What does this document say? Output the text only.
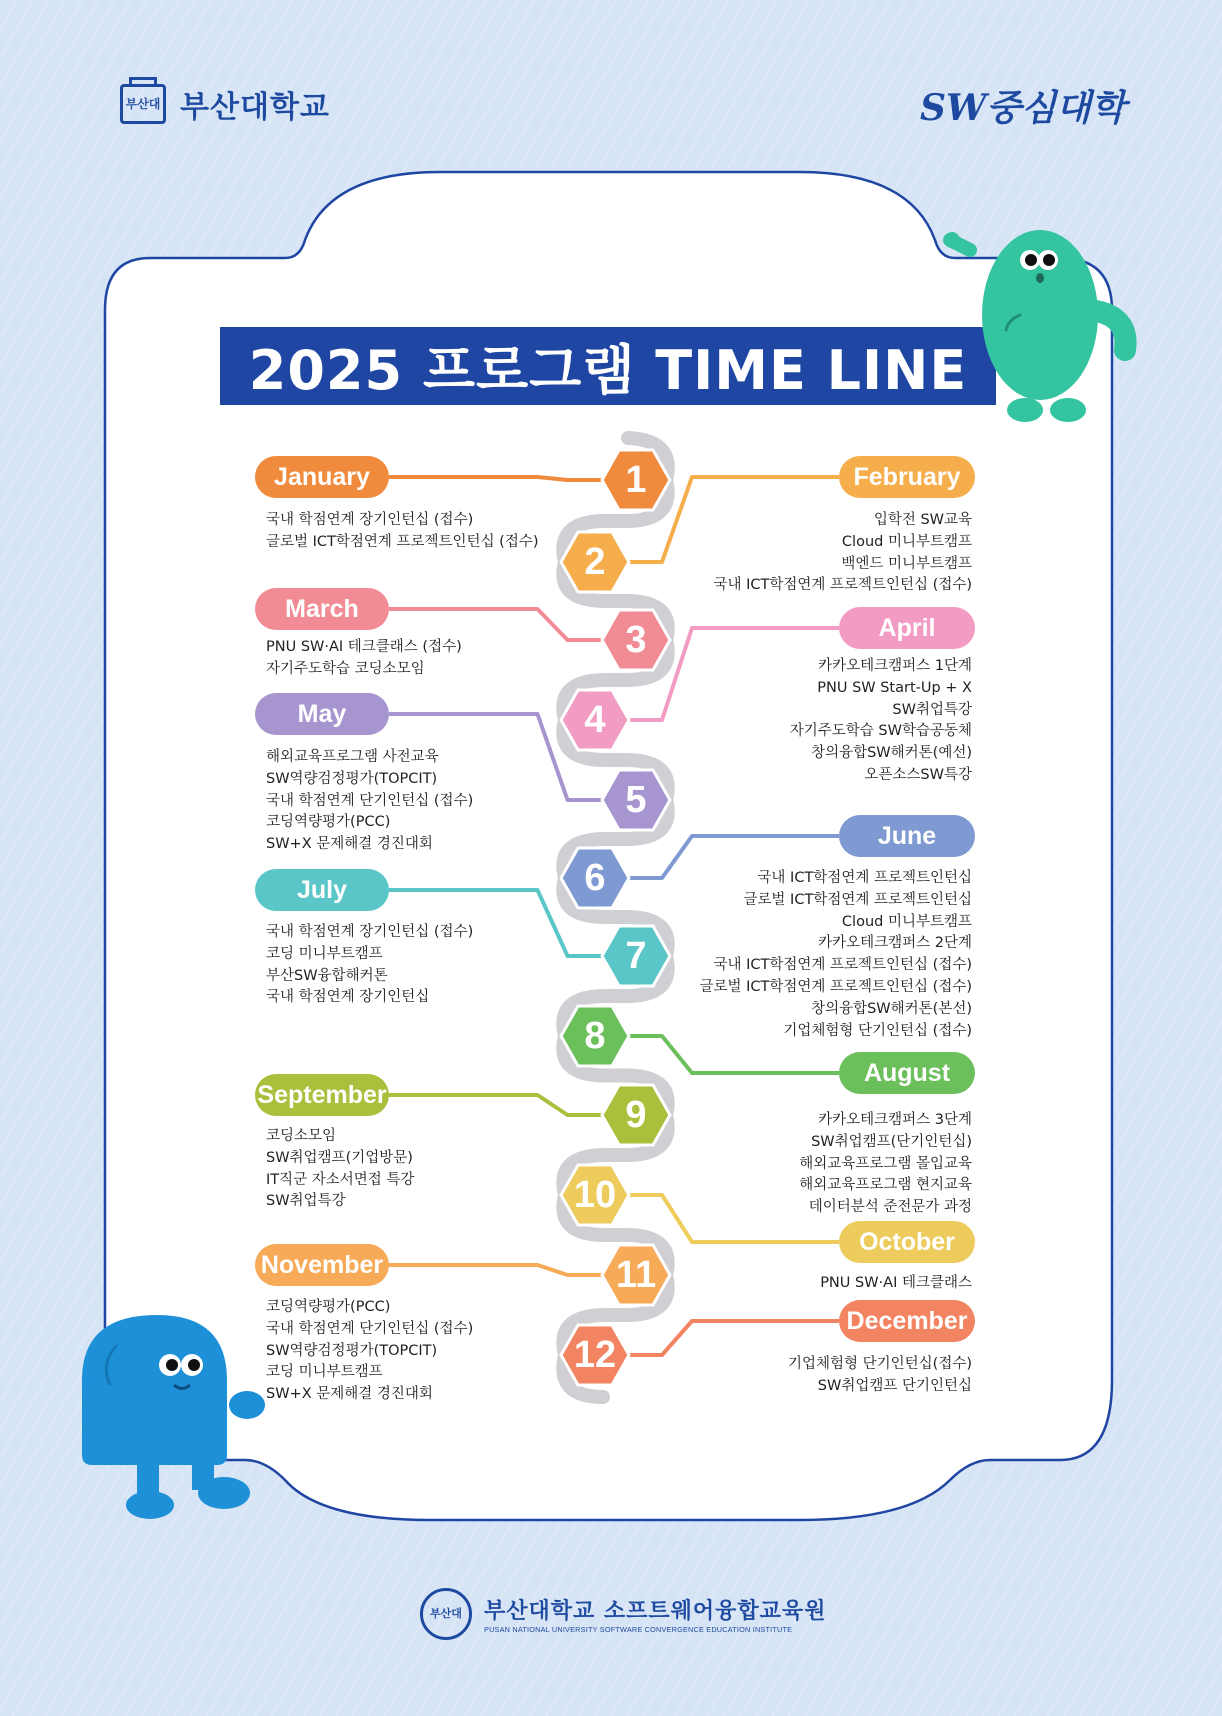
부산대 부산대학교	SW중심대학
2025 프로그램 TIME LINE
1
January
국내 학점연계 장기인턴십 (접수)
글로벌 ICT학점연계 프로젝트인턴십 (접수)	2
February
입학전 SW교육
Cloud 미니부트캠프
백엔드 미니부트캠프
국내 ICT학점연계 프로젝트인턴십 (접수)
3
March
PNU SW·AI 테크클래스 (접수)
자기주도학습 코딩소모임
4
April
카카오테크캠퍼스 1단계
PNU SW Start-Up + X
SW취업특강
자기주도학습 SW학습공동체
창의융합SW해커톤(예선)
오픈소스SW특강
5
May
해외교육프로그램 사전교육
SW역량검정평가(TOPCIT)
국내 학점연계 단기인턴십 (접수)
코딩역량평가(PCC)
SW+X 문제해결 경진대회
6
June
국내 ICT학점연계 프로젝트인턴십
글로벌 ICT학점연계 프로젝트인턴십
Cloud 미니부트캠프
카카오테크캠퍼스 2단계
국내 ICT학점연계 프로젝트인턴십 (접수)
글로벌 ICT학점연계 프로젝트인턴십 (접수)
창의융합SW해커톤(본선)
기업체험형 단기인턴십 (접수)
7
July
국내 학점연계 장기인턴십 (접수)
코딩 미니부트캠프
부산SW융합해커톤
국내 학점연계 장기인턴십
8
August
카카오테크캠퍼스 3단계
SW취업캠프(단기인턴십)
해외교육프로그램 몰입교육
해외교육프로그램 현지교육
데이터분석 준전문가 과정
9
September
코딩소모임
SW취업캠프(기업방문)
IT직군 자소서면접 특강
SW취업특강	10
October
PNU SW·AI 테크클래스
11
November
코딩역량평가(PCC)
국내 학점연계 단기인턴십 (접수)
SW역량검정평가(TOPCIT)
코딩 미니부트캠프
SW+X 문제해결 경진대회
12
December
기업체험형 단기인턴십(접수)
SW취업캠프 단기인턴십
부산대	부산대학교 소프트웨어융합교육원
PUSAN NATIONAL UNIVERSITY SOFTWARE CONVERGENCE EDUCATION INSTITUTE
